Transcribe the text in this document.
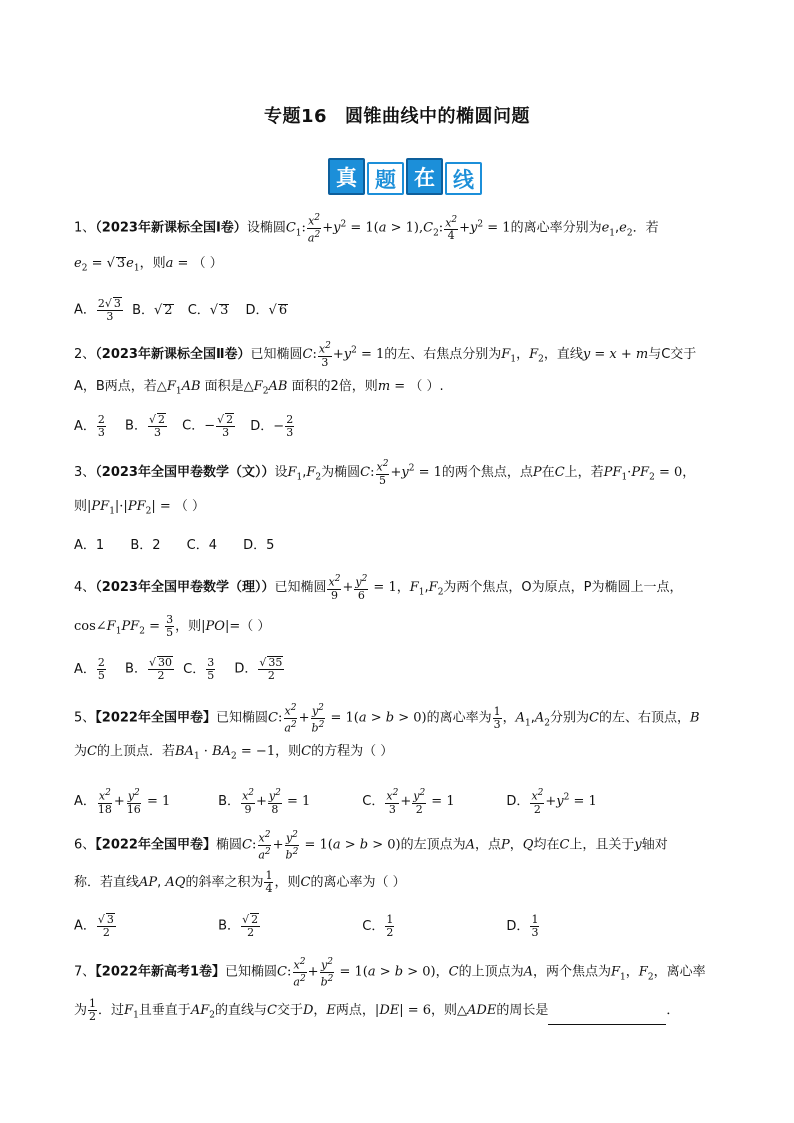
专题16 圆锥曲线中的椭圆问题
真 题 在 线
1、（2023年新课标全国Ⅰ卷）设椭圆$C_1$: $\frac{x^2}{a^2} +y^2 = 1(a > 1),C_2$: $\frac{x^2}{4} +y^2 = 1$的离心率分别为$e_1,e_2$．若
$e_2$ = √ $3e_1$，则a = （ ）
A． $\frac{2√ 3}{3}$ B．√ 2 C．√ 3 D．√ 6
2、（2023年新课标全国Ⅱ卷）已知椭圆C: $\frac{x^2}{3} +y^2 = 1$的左、右焦点分别为$F_1$，$F_2$，直线y = x + m与C交于
A，B两点，若$\triangle F_1AB$ 面积是$\triangle F_2AB$ 面积的2倍，则m = （ ）.
A． $\frac{2}{3}$ B． $\frac{√ 2}{3}$ C．− $\frac{√ 2}{3}$ D．− $\frac{2}{3}$
3、（2023年全国甲卷数学（文））设$F_1,F_2$为椭圆C: $\frac{x^2}{5} +y^2 = 1$的两个焦点，点P在C上，若$PF_1\cdot PF_2 = 0$，
则$|PF_1|\cdot|PF_2|$ = （ ）
A．1 B．2 C．4 D．5
4、（2023年全国甲卷数学（理））已知椭圆 $\frac{x^2}{9} + \frac{y^2}{6} = 1$，$F_1,F_2$为两个焦点，O为原点，P为椭圆上一点，
$\cos\angle F_1PF_2 = \frac{3}{5}$ ，则|PO|=（ ）
A． $\frac{2}{5}$ B． $\frac{√ 30}{2}$ C． $\frac{3}{5}$ D． $\frac{√ 35}{2}$
5、【2022年全国甲卷】已知椭圆C: $\frac{x^2}{a^2} + \frac{y^2}{b^2} = 1(a > b > 0)$的离心率为 $\frac{1}{3}$ ，$A_1,A_2$分别为C的左、右顶点，B
为C的上顶点．若$BA_1 \cdot BA_2 = -1$，则C的方程为（ ）
A． $\frac{x^2}{18} + \frac{y^2}{16} = 1$	B． $\frac{x^2}{9} + \frac{y^2}{8} = 1$	C． $\frac{x^2}{3} + \frac{y^2}{2} = 1$	D． $\frac{x^2}{2} +y^2 = 1$
6、【2022年全国甲卷】椭圆C: $\frac{x^2}{a^2} + \frac{y^2}{b^2} = 1(a > b > 0)$的左顶点为A，点P，Q均在C上，且关于y轴对
称．若直线AP, AQ的斜率之积为 $\frac{1}{4}$ ，则C的离心率为（ ）
A． $\frac{√ 3}{2}$	B． $\frac{√ 2}{2}$	C． $\frac{1}{2}$	D． $\frac{1}{3}$
7、【2022年新高考1卷】已知椭圆C: $\frac{x^2}{a^2} + \frac{y^2}{b^2} = 1(a > b > 0)$，C的上顶点为A，两个焦点为$F_1$，$F_2$，离心率
为 $\frac{1}{2}$ ．过$F_1$且垂直于$AF_2$的直线与C交于D，E两点，|DE| = 6，则△ADE的周长是	．
